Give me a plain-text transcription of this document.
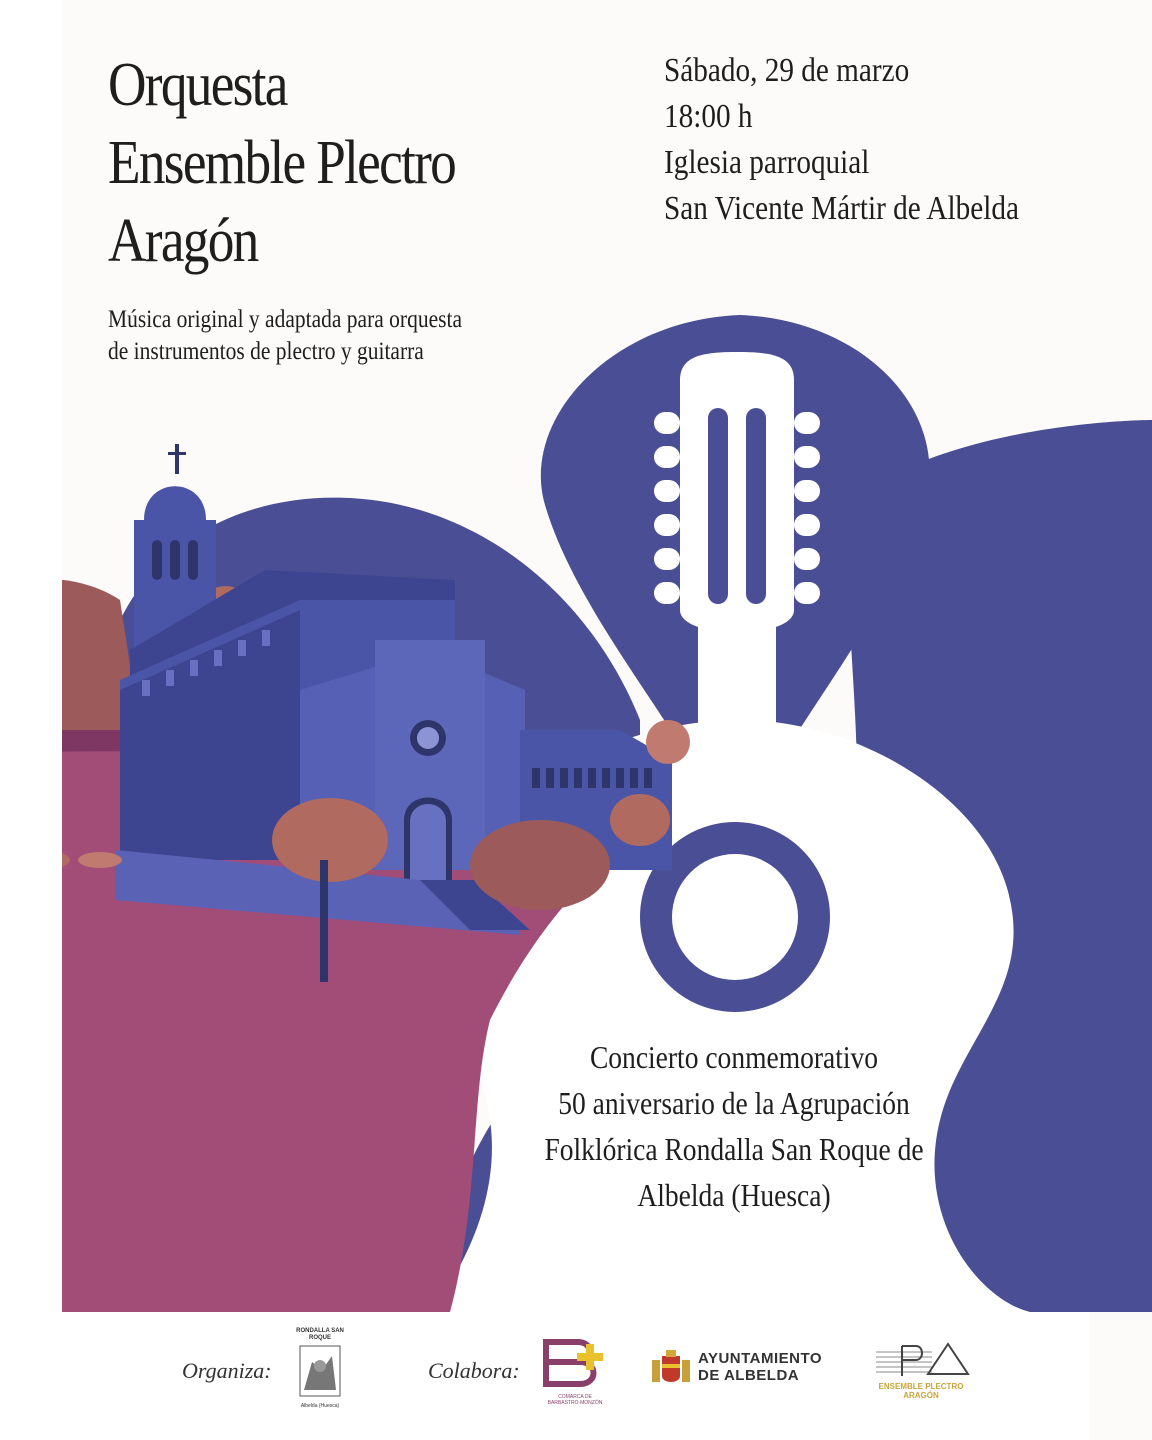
Orquesta
Ensemble Plectro
Aragón
Música original y adaptada para orquesta
de instrumentos de plectro y guitarra
Sábado, 29 de marzo
18:00 h
Iglesia parroquial
San Vicente Mártir de Albelda
Concierto conmemorativo
50 aniversario de la Agrupación
Folklórica Rondalla San Roque de
Albelda (Huesca)
Organiza:
RONDALLA SAN ROQUE
Albelda (Huesca)
Colabora:
COMARCA DE BARBASTRO·MONZÓN
AYUNTAMIENTO
DE ALBELDA
ENSEMBLE PLECTRO ARAGÓN
